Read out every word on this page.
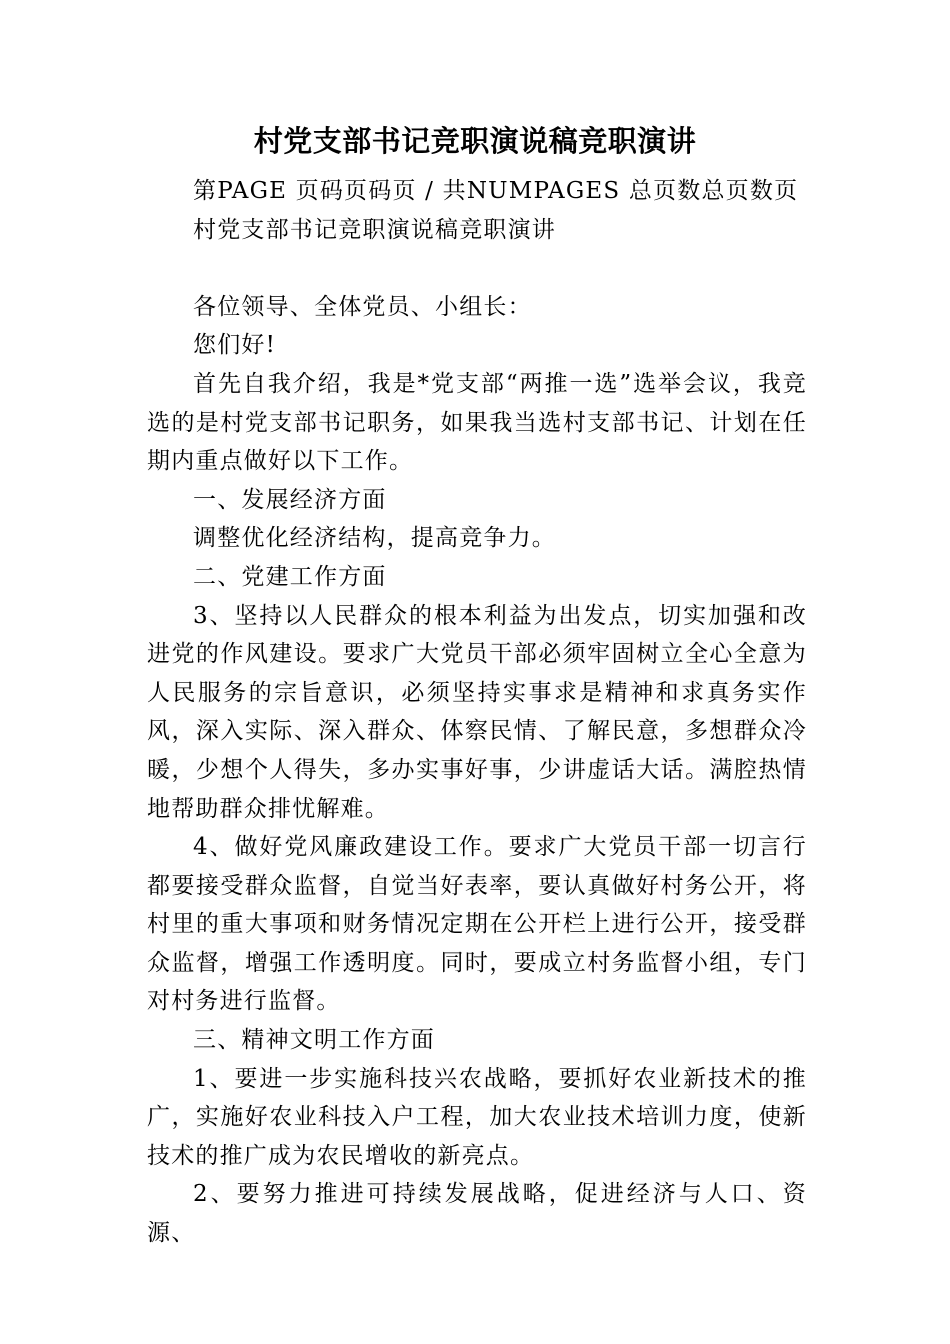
村党支部书记竞职演说稿竞职演讲
第PAGE 页码页码页 / 共NUMPAGES 总页数总页数页
村党支部书记竞职演说稿竞职演讲
各位领导、全体党员、小组长：
您们好!

首先自我介绍，我是*党支部“两推一选”选举会议，我竞选的是村党支部书记职务，如果我当选村支部书记、计划在任期内重点做好以下工作。

一、发展经济方面

调整优化经济结构，提高竞争力。

二、党建工作方面

3、坚持以人民群众的根本利益为出发点，切实加强和改进党的作风建设。要求广大党员干部必须牢固树立全心全意为人民服务的宗旨意识，必须坚持实事求是精神和求真务实作风，深入实际、深入群众、体察民情、了解民意，多想群众冷暖，少想个人得失，多办实事好事，少讲虚话大话。满腔热情地帮助群众排忧解难。

4、做好党风廉政建设工作。要求广大党员干部一切言行都要接受群众监督，自觉当好表率，要认真做好村务公开，将村里的重大事项和财务情况定期在公开栏上进行公开，接受群众监督，增强工作透明度。同时，要成立村务监督小组，专门对村务进行监督。

三、精神文明工作方面

1、要进一步实施科技兴农战略，要抓好农业新技术的推广，实施好农业科技入户工程，加大农业技术培训力度，使新技术的推广成为农民增收的新亮点。

2、要努力推进可持续发展战略，促进经济与人口、资源、
